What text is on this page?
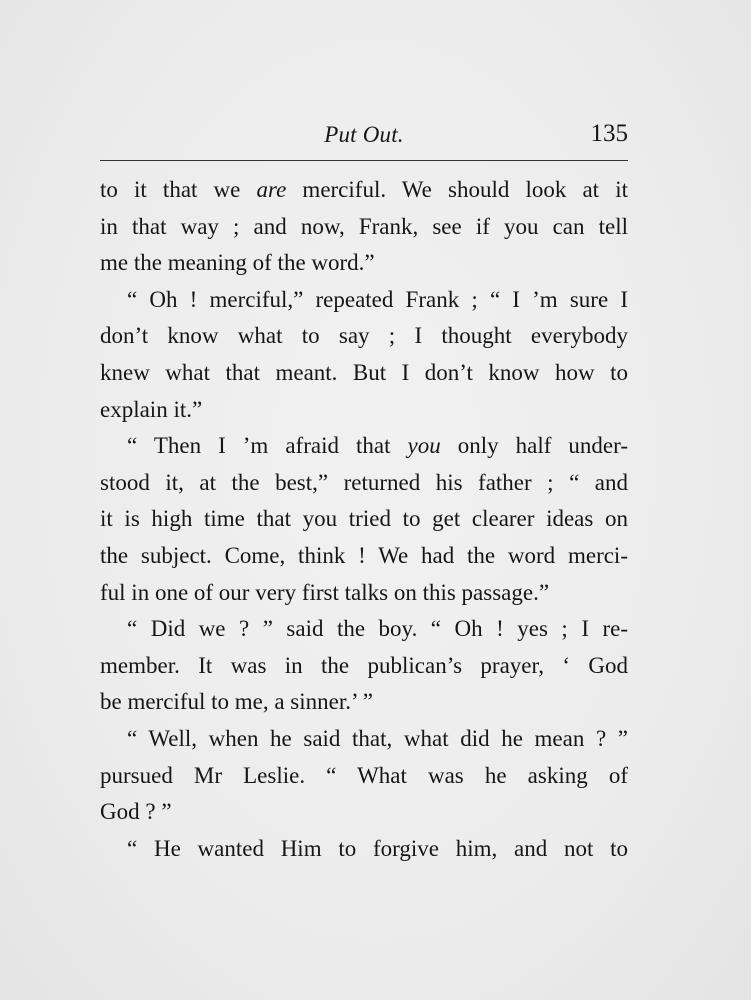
Put Out.	135
to it that we are merciful. We should look at it
in that way ; and now, Frank, see if you can tell
me the meaning of the word.”
“ Oh ! merciful,” repeated Frank ; “ I ’m sure I
don’t know what to say ; I thought everybody
knew what that meant. But I don’t know how to
explain it.”
“ Then I ’m afraid that you only half under-
stood it, at the best,” returned his father ; “ and
it is high time that you tried to get clearer ideas on
the subject. Come, think ! We had the word merci-
ful in one of our very first talks on this passage.”
“ Did we ? ” said the boy. “ Oh ! yes ; I re-
member. It was in the publican’s prayer, ‘ God
be merciful to me, a sinner.’ ”
“ Well, when he said that, what did he mean ? ”
pursued Mr Leslie. “ What was he asking of
God ? ”
“ He wanted Him to forgive him, and not to
